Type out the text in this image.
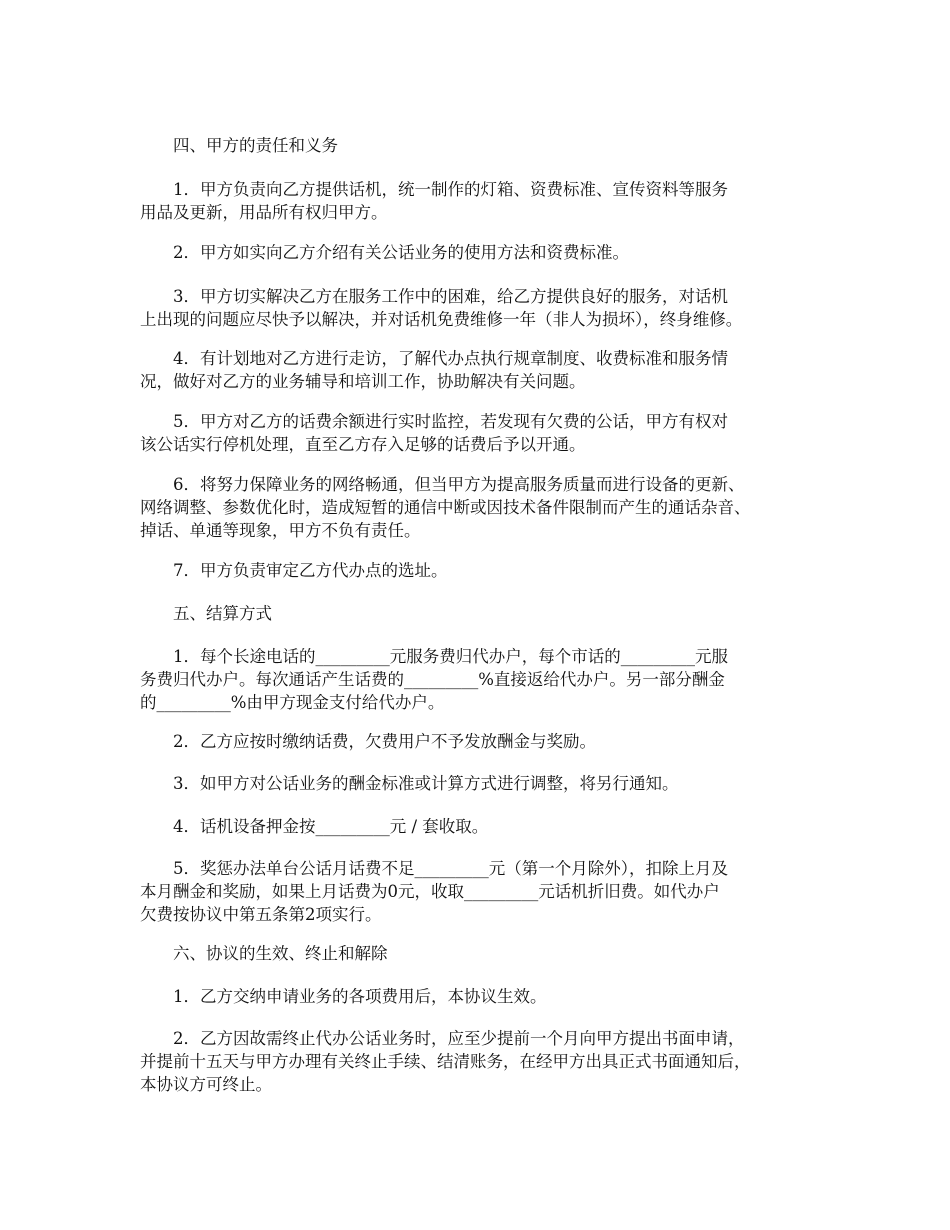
四、甲方的责任和义务

1．甲方负责向乙方提供话机，统一制作的灯箱、资费标准、宣传资料等服务
用品及更新，用品所有权归甲方。

2．甲方如实向乙方介绍有关公话业务的使用方法和资费标准。

3．甲方切实解决乙方在服务工作中的困难，给乙方提供良好的服务，对话机
上出现的问题应尽快予以解决，并对话机免费维修一年（非人为损坏），终身维修。

4．有计划地对乙方进行走访，了解代办点执行规章制度、收费标准和服务情
况，做好对乙方的业务辅导和培训工作，协助解决有关问题。

5．甲方对乙方的话费余额进行实时监控，若发现有欠费的公话，甲方有权对
该公话实行停机处理，直至乙方存入足够的话费后予以开通。

6．将努力保障业务的网络畅通，但当甲方为提高服务质量而进行设备的更新、
网络调整、参数优化时，造成短暂的通信中断或因技术备件限制而产生的通话杂音、
掉话、单通等现象，甲方不负有责任。

7．甲方负责审定乙方代办点的选址。

五、结算方式

1．每个长途电话的_________元服务费归代办户，每个市话的_________元服
务费归代办户。每次通话产生话费的_________%直接返给代办户。另一部分酬金
的_________%由甲方现金支付给代办户。

2．乙方应按时缴纳话费，欠费用户不予发放酬金与奖励。

3．如甲方对公话业务的酬金标准或计算方式进行调整，将另行通知。

4．话机设备押金按_________元 / 套收取。

5．奖惩办法单台公话月话费不足_________元（第一个月除外），扣除上月及
本月酬金和奖励，如果上月话费为0元，收取_________元话机折旧费。如代办户
欠费按协议中第五条第2项实行。

六、协议的生效、终止和解除

1．乙方交纳申请业务的各项费用后，本协议生效。

2．乙方因故需终止代办公话业务时，应至少提前一个月向甲方提出书面申请，
并提前十五天与甲方办理有关终止手续、结清账务，在经甲方出具正式书面通知后，
本协议方可终止。
